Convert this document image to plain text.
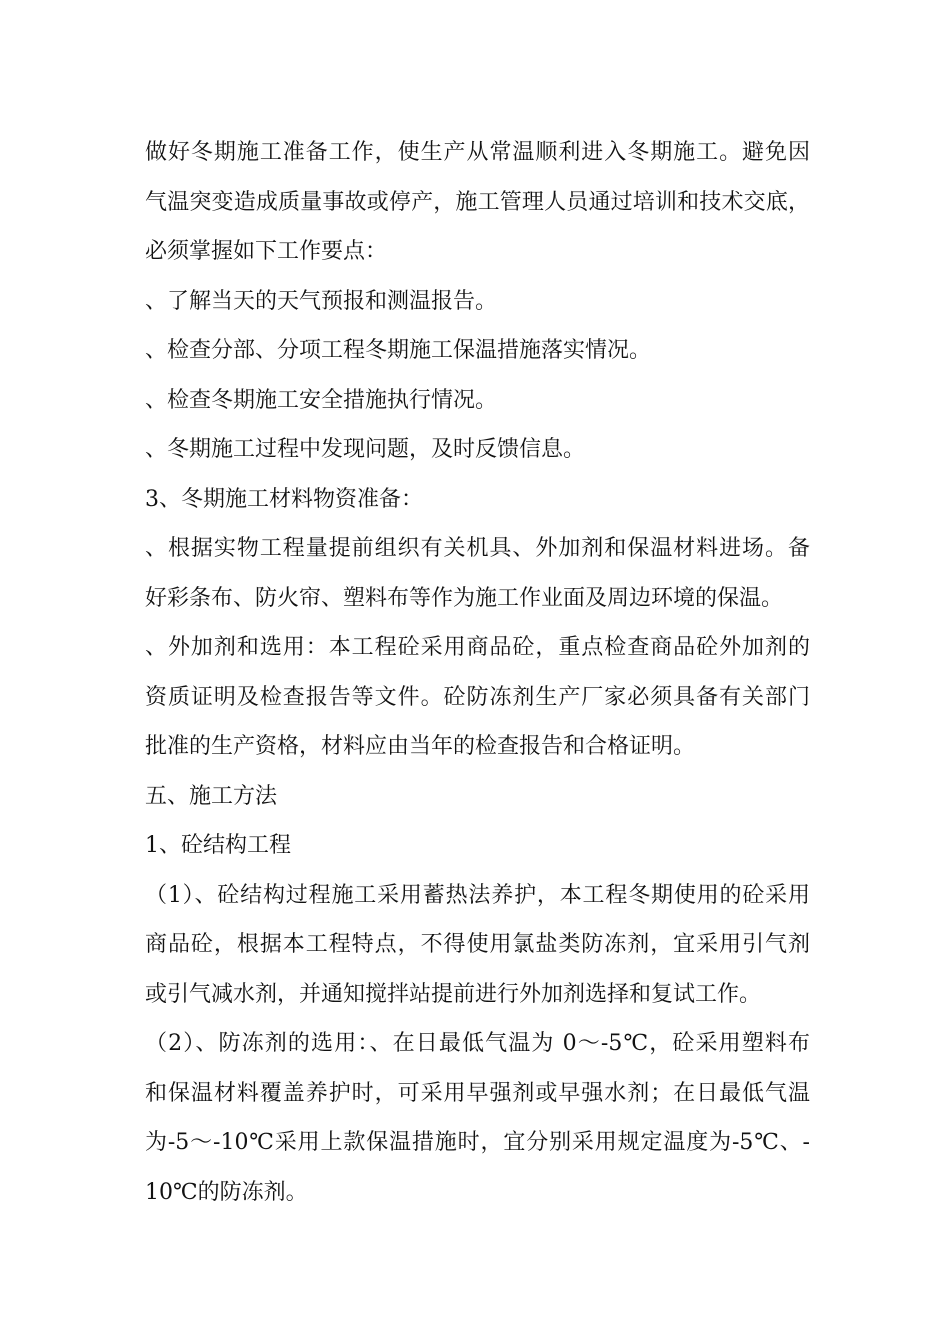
做好冬期施工准备工作，使生产从常温顺利进入冬期施工。避免因
气温突变造成质量事故或停产，施工管理人员通过培训和技术交底，
必须掌握如下工作要点：
、了解当天的天气预报和测温报告。
、检查分部、分项工程冬期施工保温措施落实情况。
、检查冬期施工安全措施执行情况。
、冬期施工过程中发现问题，及时反馈信息。
3、冬期施工材料物资准备：
、根据实物工程量提前组织有关机具、外加剂和保温材料进场。备
好彩条布、防火帘、塑料布等作为施工作业面及周边环境的保温。
、外加剂和选用：本工程砼采用商品砼，重点检查商品砼外加剂的
资质证明及检查报告等文件。砼防冻剂生产厂家必须具备有关部门
批准的生产资格，材料应由当年的检查报告和合格证明。
五、施工方法
1、砼结构工程
（1）、砼结构过程施工采用蓄热法养护，本工程冬期使用的砼采用
商品砼，根据本工程特点，不得使用氯盐类防冻剂，宜采用引气剂
或引气减水剂，并通知搅拌站提前进行外加剂选择和复试工作。
（2）、防冻剂的选用：、在日最低气温为 0～-5℃，砼采用塑料布
和保温材料覆盖养护时，可采用早强剂或早强水剂；在日最低气温
为-5～-10℃采用上款保温措施时，宜分别采用规定温度为-5℃、-
10℃的防冻剂。
